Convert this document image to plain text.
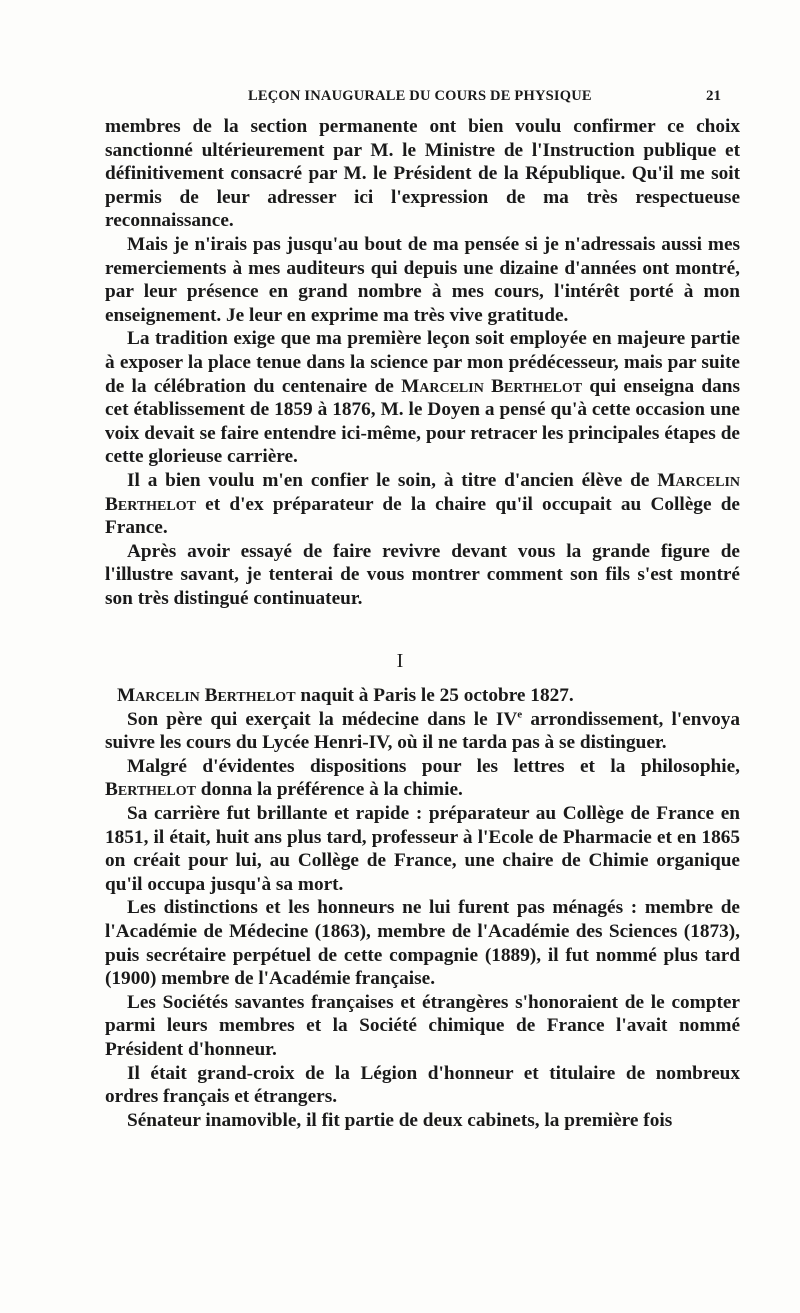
LEÇON INAUGURALE DU COURS DE PHYSIQUE	21

membres de la section permanente ont bien voulu confirmer ce choix sanctionné ultérieurement par M. le Ministre de l'Instruction publique et définitivement consacré par M. le Président de la République. Qu'il me soit permis de leur adresser ici l'expression de ma très respectueuse reconnaissance.

Mais je n'irais pas jusqu'au bout de ma pensée si je n'adressais aussi mes remerciements à mes auditeurs qui depuis une dizaine d'années ont montré, par leur présence en grand nombre à mes cours, l'intérêt porté à mon enseignement. Je leur en exprime ma très vive gratitude.

La tradition exige que ma première leçon soit employée en majeure partie à exposer la place tenue dans la science par mon prédécesseur, mais par suite de la célébration du centenaire de Marcelin Berthelot qui enseigna dans cet établissement de 1859 à 1876, M. le Doyen a pensé qu'à cette occasion une voix devait se faire entendre ici-même, pour retracer les principales étapes de cette glorieuse carrière.

Il a bien voulu m'en confier le soin, à titre d'ancien élève de Marcelin Berthelot et d'ex préparateur de la chaire qu'il occupait au Collège de France.

Après avoir essayé de faire revivre devant vous la grande figure de l'illustre savant, je tenterai de vous montrer comment son fils s'est montré son très distingué continuateur.

I

Marcelin Berthelot naquit à Paris le 25 octobre 1827.

Son père qui exerçait la médecine dans le IVe arrondissement, l'envoya suivre les cours du Lycée Henri-IV, où il ne tarda pas à se distinguer.

Malgré d'évidentes dispositions pour les lettres et la philosophie, Berthelot donna la préférence à la chimie.

Sa carrière fut brillante et rapide : préparateur au Collège de France en 1851, il était, huit ans plus tard, professeur à l'Ecole de Pharmacie et en 1865 on créait pour lui, au Collège de France, une chaire de Chimie organique qu'il occupa jusqu'à sa mort.

Les distinctions et les honneurs ne lui furent pas ménagés : membre de l'Académie de Médecine (1863), membre de l'Académie des Sciences (1873), puis secrétaire perpétuel de cette compagnie (1889), il fut nommé plus tard (1900) membre de l'Académie française.

Les Sociétés savantes françaises et étrangères s'honoraient de le compter parmi leurs membres et la Société chimique de France l'avait nommé Président d'honneur.

Il était grand-croix de la Légion d'honneur et titulaire de nombreux ordres français et étrangers.

Sénateur inamovible, il fit partie de deux cabinets, la première fois
